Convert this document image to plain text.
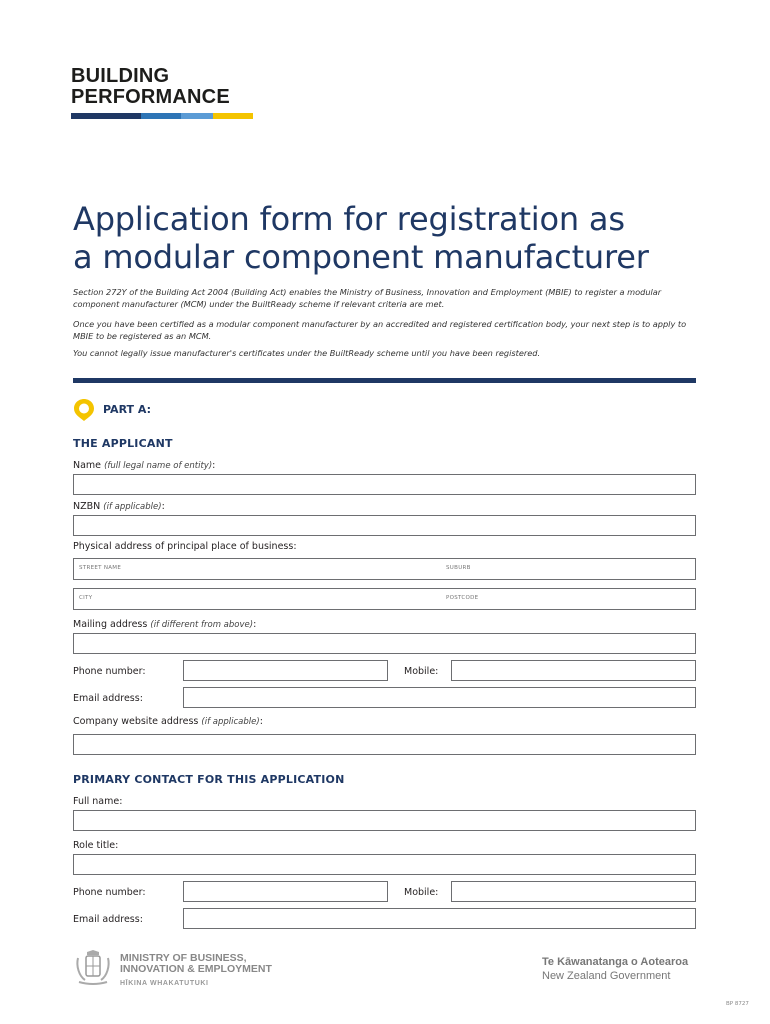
BUILDING
PERFORMANCE
Application form for registration as
a modular component manufacturer
Section 272Y of the Building Act 2004 (Building Act) enables the Ministry of Business, Innovation and Employment (MBIE) to register a modular component manufacturer (MCM) under the BuiltReady scheme if relevant criteria are met.
Once you have been certified as a modular component manufacturer by an accredited and registered certification body, your next step is to apply to MBIE to be registered as an MCM.
You cannot legally issue manufacturer's certificates under the BuiltReady scheme until you have been registered.
PART A:
THE APPLICANT
Name (full legal name of entity):
NZBN (if applicable):
Physical address of principal place of business:
STREET NAME	SUBURB
CITY	POSTCODE
Mailing address (if different from above):
Phone number:	Mobile:
Email address:
Company website address (if applicable):
PRIMARY CONTACT FOR THIS APPLICATION
Full name:
Role title:
Phone number:	Mobile:
Email address:
MINISTRY OF BUSINESS,
INNOVATION & EMPLOYMENT
HĪKINA WHAKATUTUKI
Te Kāwanatanga o Aotearoa
New Zealand Government
BP 8727
